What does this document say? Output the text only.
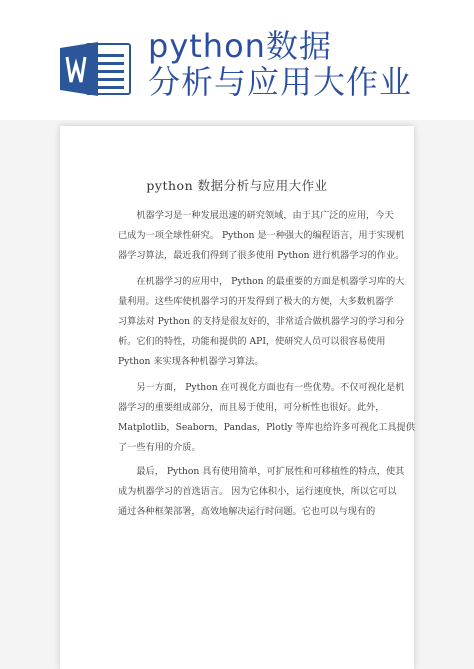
python数据
分析与应用大作业
python 数据分析与应用大作业
　　机器学习是一种发展迅速的研究领域，由于其广泛的应用，今天
已成为一项全球性研究。 Python 是一种强大的编程语言，用于实现机
器学习算法，最近我们得到了很多使用 Python 进行机器学习的作业。
　　在机器学习的应用中， Python 的最重要的方面是机器学习库的大
量利用。这些库使机器学习的开发得到了极大的方便，大多数机器学
习算法对 Python 的支持是很友好的，非常适合做机器学习的学习和分
析。它们的特性，功能和提供的 API，使研究人员可以很容易使用
Python 来实现各种机器学习算法。
　　另一方面， Python 在可视化方面也有一些优势。不仅可视化是机
器学习的重要组成部分，而且易于使用，可分析性也很好。此外，
Matplotlib，Seaborn，Pandas，Plotly 等库也给许多可视化工具提供
了一些有用的介质。
　　最后， Python 具有使用简单，可扩展性和可移植性的特点，使其
成为机器学习的首选语言。 因为它体积小，运行速度快，所以它可以
通过各种框架部署，高效地解决运行时问题。它也可以与现有的
